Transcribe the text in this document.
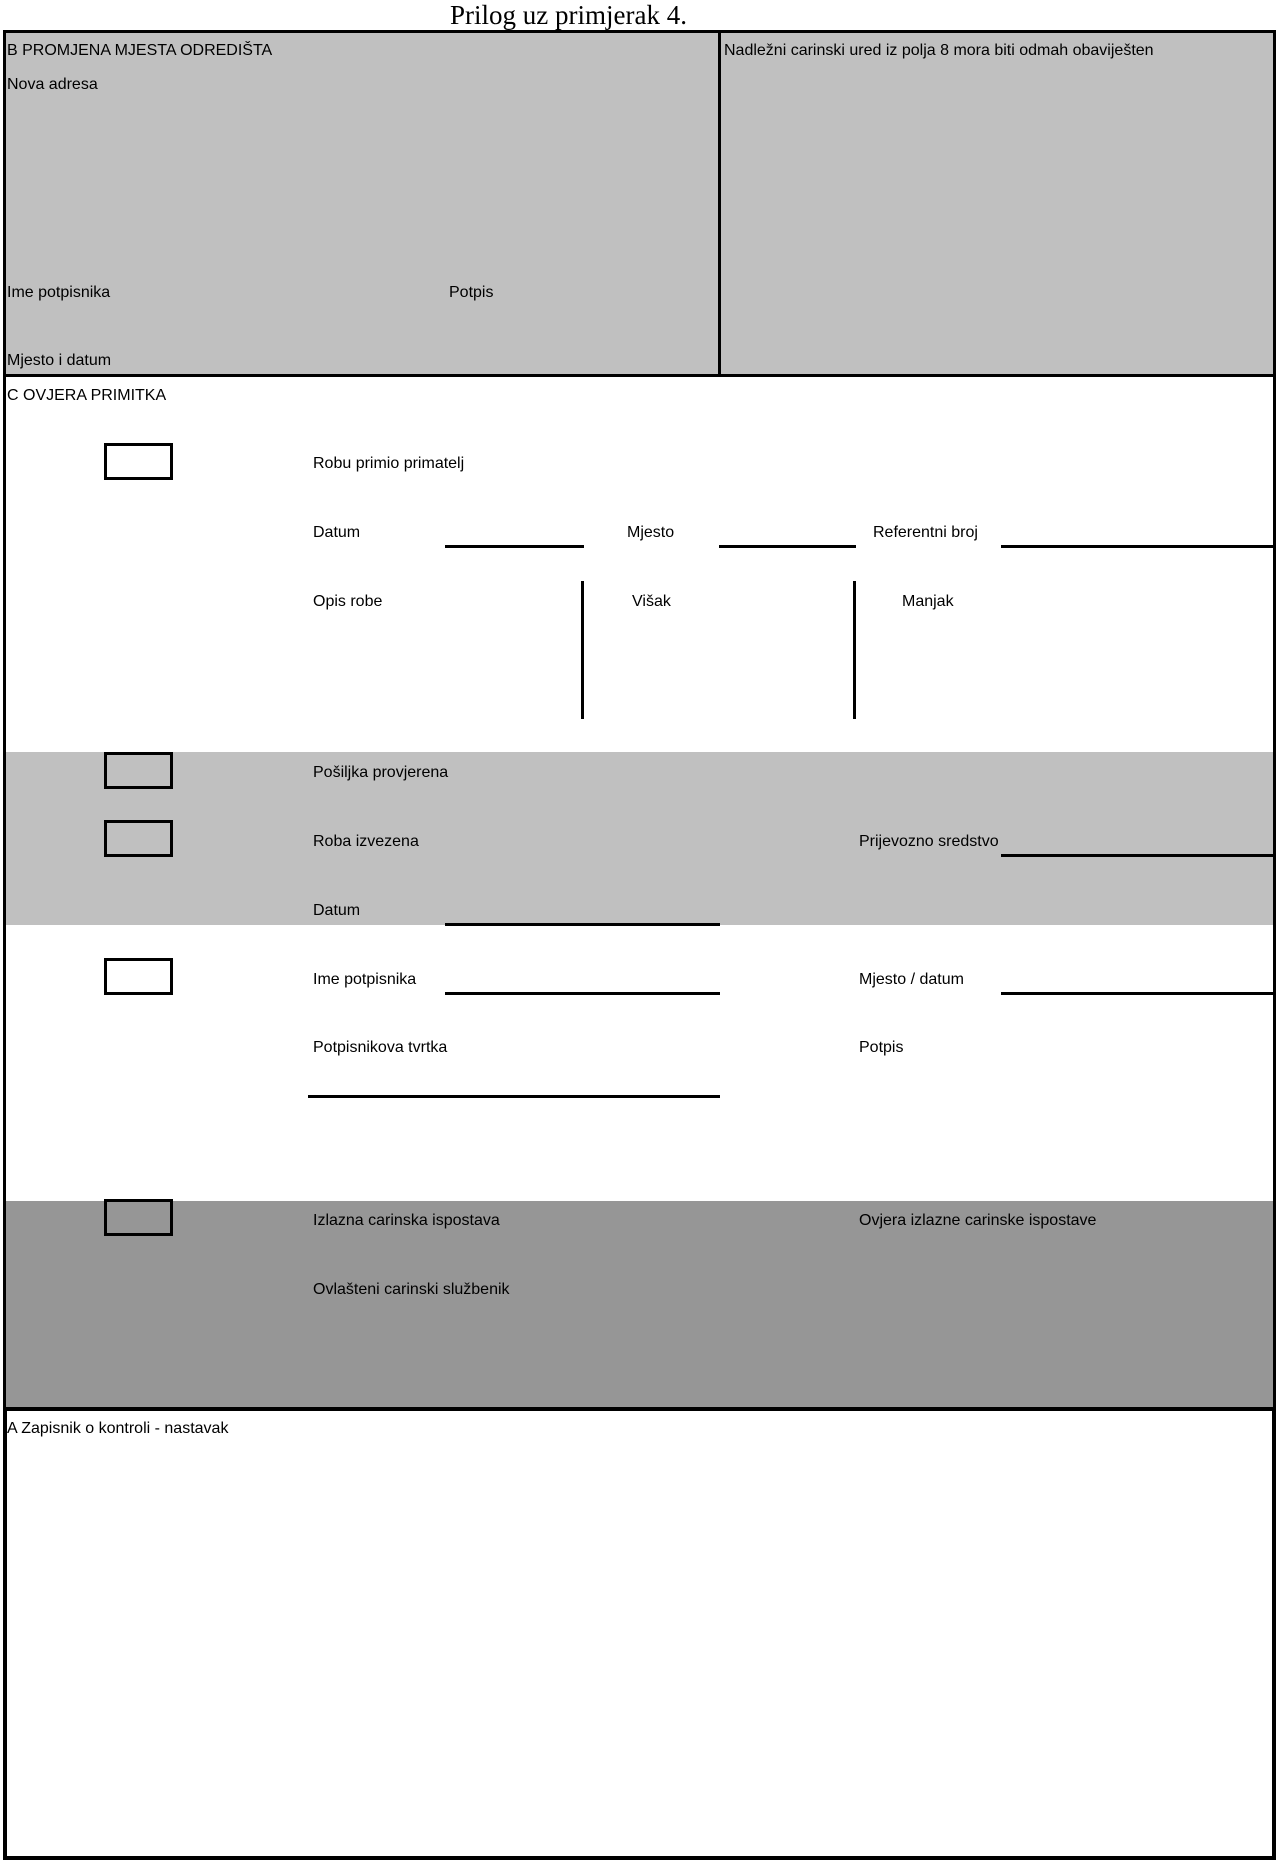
Prilog uz primjerak 4.
B PROMJENA MJESTA ODREDIŠTA
Nova adresa
Ime potpisnika	Potpis
Mjesto i datum
Nadležni carinski ured iz polja 8 mora biti odmah obaviješten
C OVJERA PRIMITKA
Robu primio primatelj
Datum	Mjesto	Referentni broj
Opis robe	Višak	Manjak
Pošiljka provjerena
Roba izvezena	Prijevozno sredstvo
Datum
Ime potpisnika	Mjesto / datum
Potpisnikova tvrtka	Potpis
Izlazna carinska ispostava	Ovjera izlazne carinske ispostave
Ovlašteni carinski službenik
A Zapisnik o kontroli - nastavak
